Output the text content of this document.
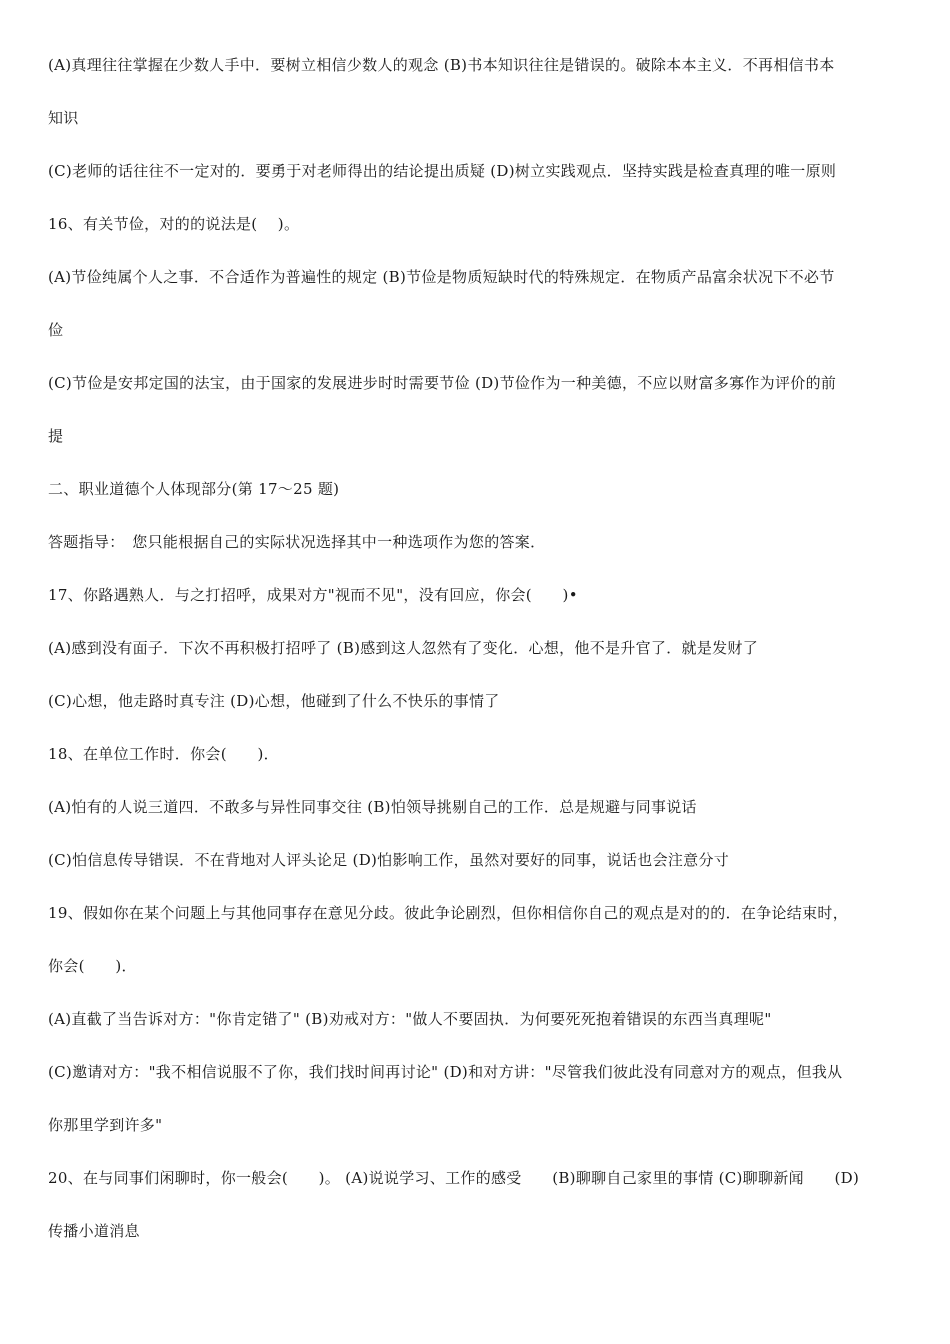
(A)真理往往掌握在少数人手中．要树立相信少数人的观念 (B)书本知识往往是错误的。破除本本主义．不再相信书本

知识

(C)老师的话往往不一定对的．要勇于对老师得出的结论提出质疑 (D)树立实践观点．坚持实践是检查真理的唯一原则

16、有关节俭，对的的说法是(　 )。

(A)节俭纯属个人之事．不合适作为普遍性的规定 (B)节俭是物质短缺时代的特殊规定．在物质产品富余状况下不必节

俭

(C)节俭是安邦定国的法宝，由于国家的发展进步时时需要节俭 (D)节俭作为一种美德，不应以财富多寡作为评价的前

提

二、职业道德个人体现部分(第 17～25 题)

答题指导：　您只能根据自己的实际状况选择其中一种选项作为您的答案．

17、你路遇熟人．与之打招呼，成果对方"视而不见"，没有回应，你会(　　)•

(A)感到没有面子．下次不再积极打招呼了 (B)感到这人忽然有了变化．心想，他不是升官了．就是发财了

(C)心想，他走路时真专注 (D)心想，他碰到了什么不快乐的事情了

18、在单位工作时．你会(　　)．

(A)怕有的人说三道四．不敢多与异性同事交往 (B)怕领导挑剔自己的工作．总是规避与同事说话

(C)怕信息传导错误．不在背地对人评头论足 (D)怕影响工作，虽然对要好的同事，说话也会注意分寸

19、假如你在某个问题上与其他同事存在意见分歧。彼此争论剧烈，但你相信你自己的观点是对的的．在争论结束时，

你会(　　)．

(A)直截了当告诉对方："你肯定错了" (B)劝戒对方："做人不要固执．为何要死死抱着错误的东西当真理呢"

(C)邀请对方："我不相信说服不了你，我们找时间再讨论" (D)和对方讲："尽管我们彼此没有同意对方的观点，但我从

你那里学到许多"

20、在与同事们闲聊时，你一般会(　　)。 (A)说说学习、工作的感受　　(B)聊聊自己家里的事情 (C)聊聊新闻　　(D)

传播小道消息
